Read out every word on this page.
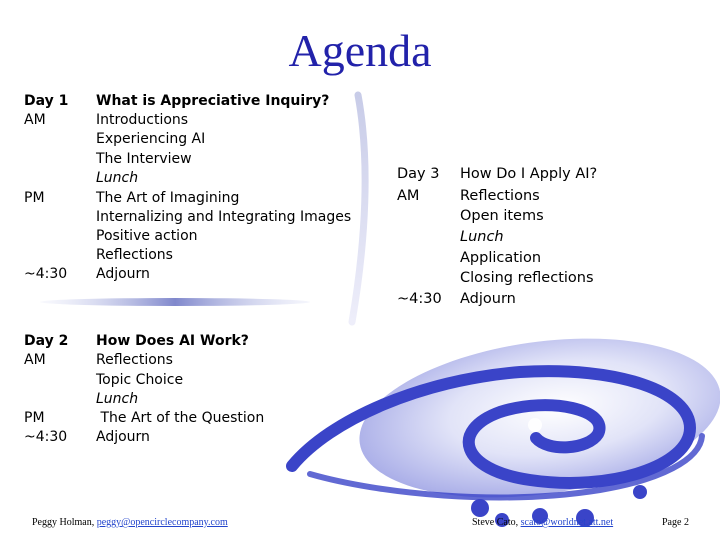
Agenda
Day 1 What is Appreciative Inquiry?
AM
PM
~4:30
Introductions
Experiencing AI
The Interview
Lunch
The Art of Imagining
Internalizing and Integrating Images
Positive action
Reflections
Adjourn
Day 2 How Does AI Work?
AM
PM
~4:30
Reflections
Topic Choice
Lunch
The Art of the Question
Adjourn
Day 3 How Do I Apply AI?
AM
~4:30
Reflections
Open items
Lunch
Application
Closing reflections
Adjourn
Peggy Holman, peggy@opencirclecompany.com	Steve Cato, scato@worldnet.att.net	Page 2
